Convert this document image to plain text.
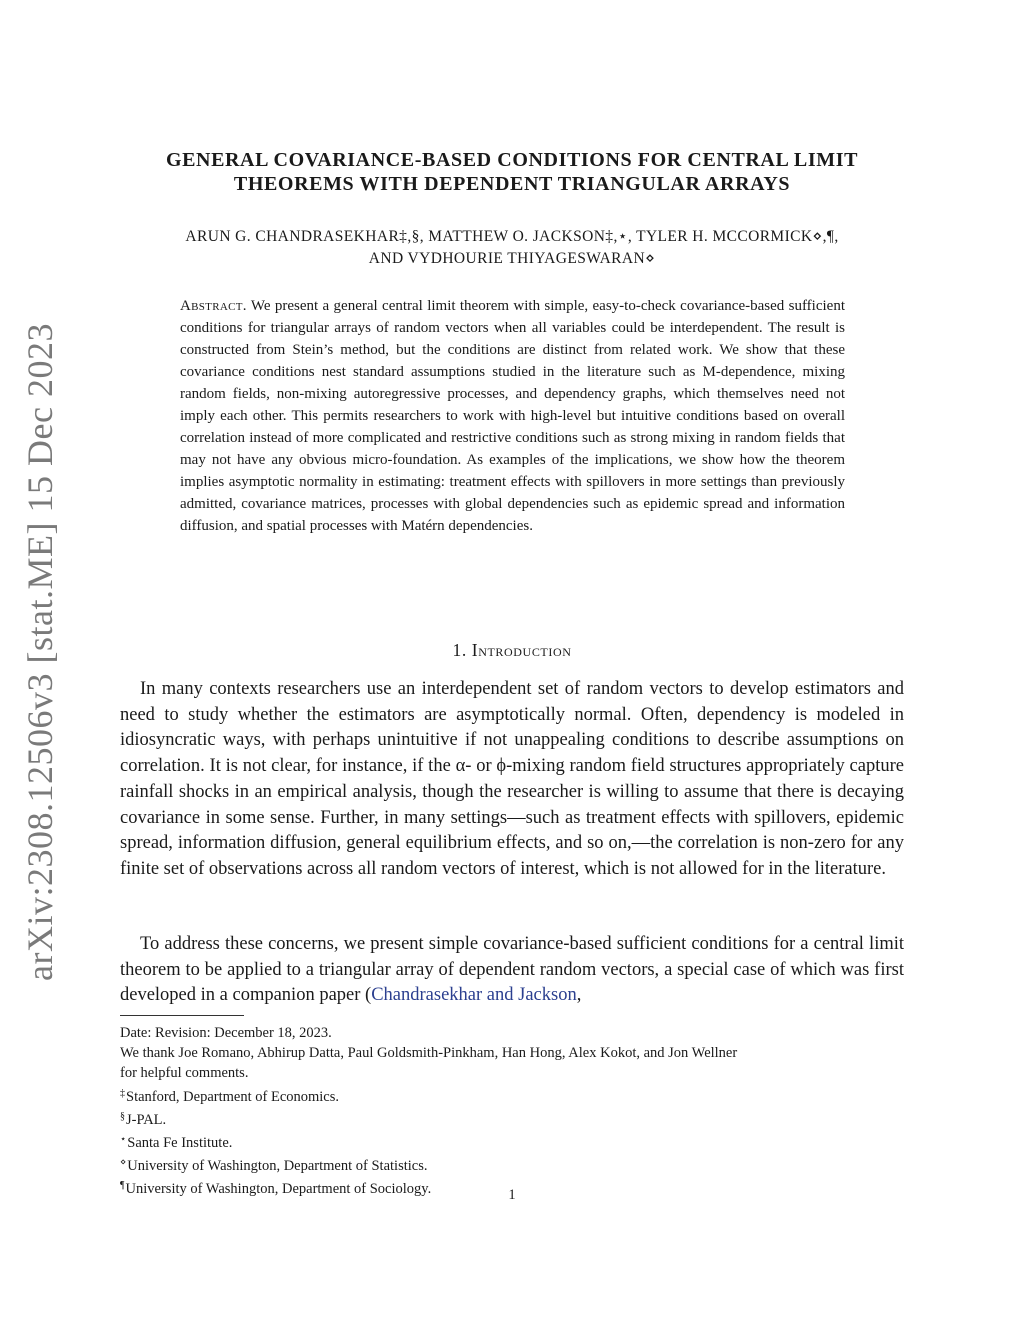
arXiv:2308.12506v3 [stat.ME] 15 Dec 2023
GENERAL COVARIANCE-BASED CONDITIONS FOR CENTRAL LIMIT
THEOREMS WITH DEPENDENT TRIANGULAR ARRAYS
ARUN G. CHANDRASEKHAR‡,§, MATTHEW O. JACKSON‡,⋆, TYLER H. MCCORMICK⋄,¶,
AND VYDHOURIE THIYAGESWARAN⋄
Abstract. We present a general central limit theorem with simple, easy-to-check covariance-based sufficient conditions for triangular arrays of random vectors when all variables could be interdependent. The result is constructed from Stein’s method, but the conditions are distinct from related work. We show that these covariance conditions nest standard assumptions studied in the literature such as M-dependence, mixing random fields, non-mixing autoregressive processes, and dependency graphs, which themselves need not imply each other. This permits researchers to work with high-level but intuitive conditions based on overall correlation instead of more complicated and restrictive conditions such as strong mixing in random fields that may not have any obvious micro-foundation. As examples of the implications, we show how the theorem implies asymptotic normality in estimating: treatment effects with spillovers in more settings than previously admitted, covariance matrices, processes with global dependencies such as epidemic spread and information diffusion, and spatial processes with Matérn dependencies.
1. Introduction
In many contexts researchers use an interdependent set of random vectors to develop estimators and need to study whether the estimators are asymptotically normal. Often, dependency is modeled in idiosyncratic ways, with perhaps unintuitive if not unappealing conditions to describe assumptions on correlation. It is not clear, for instance, if the α- or ϕ-mixing random field structures appropriately capture rainfall shocks in an empirical analysis, though the researcher is willing to assume that there is decaying covariance in some sense. Further, in many settings—such as treatment effects with spillovers, epidemic spread, information diffusion, general equilibrium effects, and so on,—the correlation is non-zero for any finite set of observations across all random vectors of interest, which is not allowed for in the literature.
To address these concerns, we present simple covariance-based sufficient conditions for a central limit theorem to be applied to a triangular array of dependent random vectors, a special case of which was first developed in a companion paper (Chandrasekhar and Jackson,
Date: Revision: December 18, 2023.
We thank Joe Romano, Abhirup Datta, Paul Goldsmith-Pinkham, Han Hong, Alex Kokot, and Jon Wellner
for helpful comments.
‡Stanford, Department of Economics.
§J-PAL.
⋆Santa Fe Institute.
⋄University of Washington, Department of Statistics.
¶University of Washington, Department of Sociology.	1
